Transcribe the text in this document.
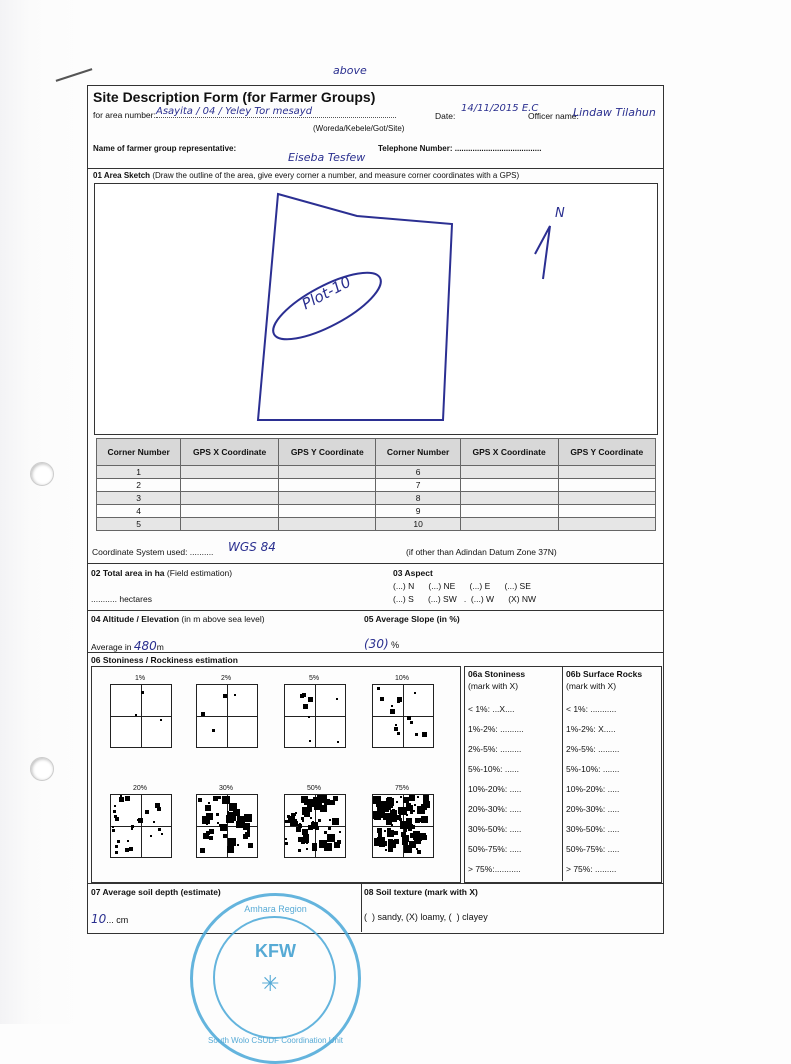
above
Site Description Form (for Farmer Groups)
for area number: Asayita / 04 / Yeley Tor mesayd
(Woreda/Kebele/Got/Site)
Date:
14/11/2015 E.C
Officer name:
Lindaw Tilahun
Name of farmer group representative:
Eiseba Tesfew
Telephone Number: .......................................
01 Area Sketch (Draw the outline of the area, give every corner a number, and measure corner coordinates with a GPS)
Plot-10
N
Corner Number	GPS X Coordinate	GPS Y Coordinate	Corner Number	GPS X Coordinate	GPS Y Coordinate
1			6		
2			7		
3			8		
4			9		
5			10		
Coordinate System used: .......... WGS 84	(if other than Adindan Datum Zone 37N)
02 Total area in ha (Field estimation)
........... hectares
03 Aspect
(...) N      (...) NE      (...) E      (...) SE
(...) S      (...) SW   .  (...) W      (X) NW
04 Altitude / Elevation (in m above sea level)
Average in 480m
05 Average Slope (in %)
(30) %
06 Stoniness / Rockiness estimation
06a Stoniness
(mark with X)
06b Surface Rocks
(mark with X)
< 1%: ...X....
1%-2%: ..........
2%-5%: .........
5%-10%: ......
10%-20%: .....
20%-30%: .....
30%-50%: .....
50%-75%: .....
> 75%:...........
< 1%: ...........
1%-2%: X.....
2%-5%: .........
5%-10%: .......
10%-20%: .....
20%-30%: .....
30%-50%: .....
50%-75%: .....
> 75%: .........
1%	2%	5%	10%
20%	30%	50%	75%
07 Average soil depth (estimate)
10... cm
08 Soil texture (mark with X)
(  ) sandy, (X) loamy, (  ) clayey
Amhara Region
KFW
✳
South Wolo CSUDF Coordination Unit
